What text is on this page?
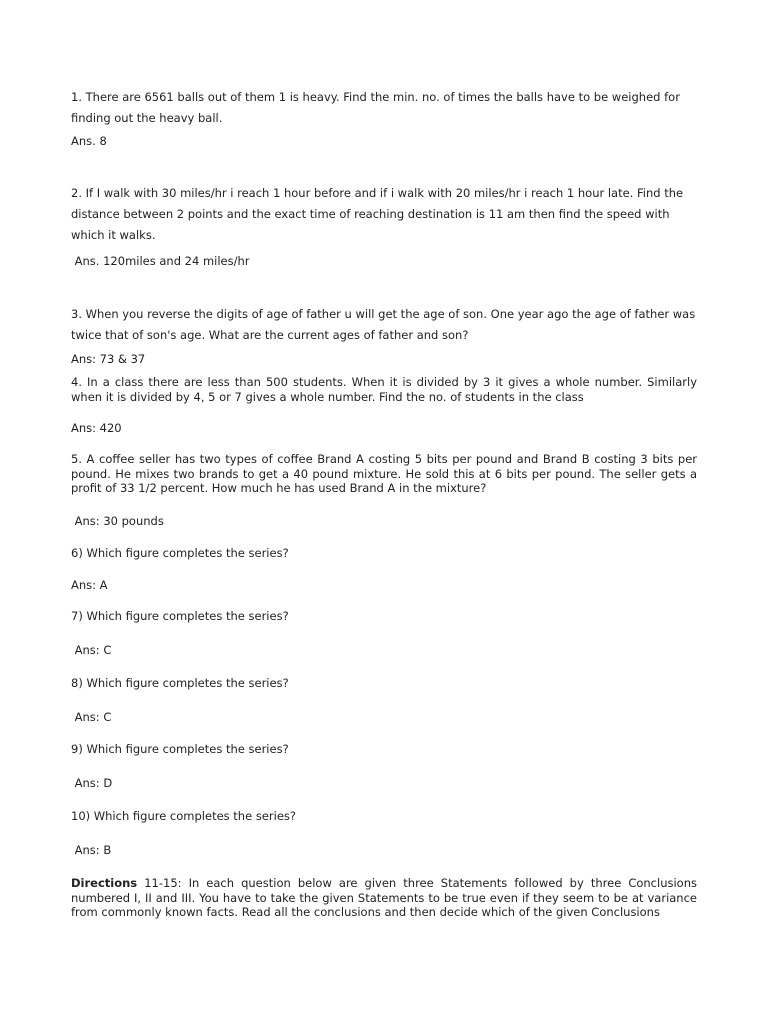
1. There are 6561 balls out of them 1 is heavy. Find the min. no. of times the balls have to be weighed for finding out the heavy ball.

Ans. 8

2. If I walk with 30 miles/hr i reach 1 hour before and if i walk with 20 miles/hr i reach 1 hour late. Find the distance between 2 points and the exact time of reaching destination is 11 am then find the speed with which it walks.

Ans. 120miles and 24 miles/hr

3. When you reverse the digits of age of father u will get the age of son. One year ago the age of father was twice that of son's age. What are the current ages of father and son?

Ans: 73 & 37

4. In a class there are less than 500 students. When it is divided by 3 it gives a whole number. Similarly when it is divided by 4, 5 or 7 gives a whole number. Find the no. of students in the class

Ans: 420

5. A coffee seller has two types of coffee Brand A costing 5 bits per pound and Brand B costing 3 bits per pound. He mixes two brands to get a 40 pound mixture. He sold this at 6 bits per pound. The seller gets a profit of 33 1/2 percent. How much he has used Brand A in the mixture?

Ans: 30 pounds

6) Which figure completes the series?

Ans: A

7) Which figure completes the series?

Ans: C

8) Which figure completes the series?

Ans: C

9) Which figure completes the series?

Ans: D

10) Which figure completes the series?

Ans: B

Directions 11-15: In each question below are given three Statements followed by three Conclusions numbered I, II and III. You have to take the given Statements to be true even if they seem to be at variance from commonly known facts. Read all the conclusions and then decide which of the given Conclusions
